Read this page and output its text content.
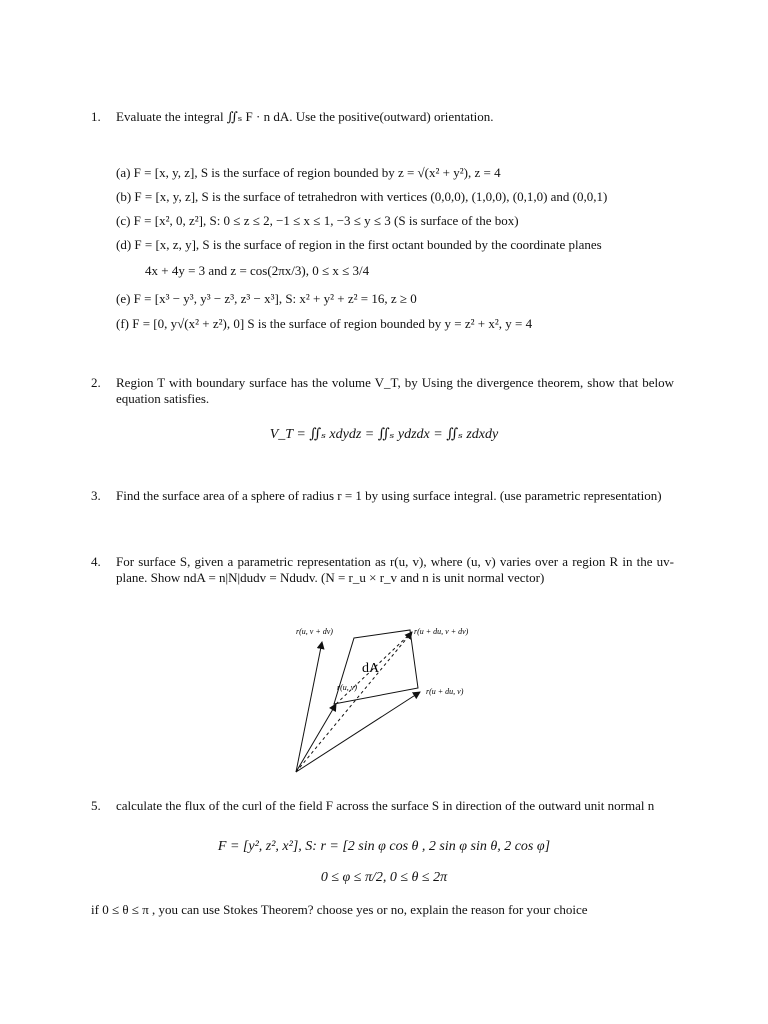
1. Evaluate the integral ∬ₛ F · n dA. Use the positive(outward) orientation.
(a) F = [x, y, z], S is the surface of region bounded by z = √(x² + y²), z = 4
(b) F = [x, y, z], S is the surface of tetrahedron with vertices (0,0,0), (1,0,0), (0,1,0) and (0,0,1)
(c) F = [x², 0, z²], S: 0 ≤ z ≤ 2, −1 ≤ x ≤ 1, −3 ≤ y ≤ 3 (S is surface of the box)
(d) F = [x, z, y], S is the surface of region in the first octant bounded by the coordinate planes
4x + 4y = 3 and z = cos(2πx/3), 0 ≤ x ≤ 3/4
(e) F = [x³ − y³, y³ − z³, z³ − x³], S: x² + y² + z² = 16, z ≥ 0
(f) F = [0, y√(x² + z²), 0] S is the surface of region bounded by y = z² + x², y = 4
2. Region T with boundary surface has the volume V_T, by Using the divergence theorem, show that below equation satisfies.
V_T = ∬ₛ xdydz = ∬ₛ ydzdx = ∬ₛ zdxdy
3. Find the surface area of a sphere of radius r = 1 by using surface integral. (use parametric representation)
4. For surface S, given a parametric representation as r(u, v), where (u, v) varies over a region R in the uv-plane. Show ndA = n|N|dudv = Ndudv. (N = r_u × r_v and n is unit normal vector)
r(u, v + dv)	r(u + du, v + dv)
dA
r(u, v)	r(u + du, v)
5. calculate the flux of the curl of the field F across the surface S in direction of the outward unit normal n
F = [y², z², x²], S: r = [2 sin φ cos θ , 2 sin φ sin θ, 2 cos φ]
0 ≤ φ ≤ π/2, 0 ≤ θ ≤ 2π
if 0 ≤ θ ≤ π , you can use Stokes Theorem? choose yes or no, explain the reason for your choice
